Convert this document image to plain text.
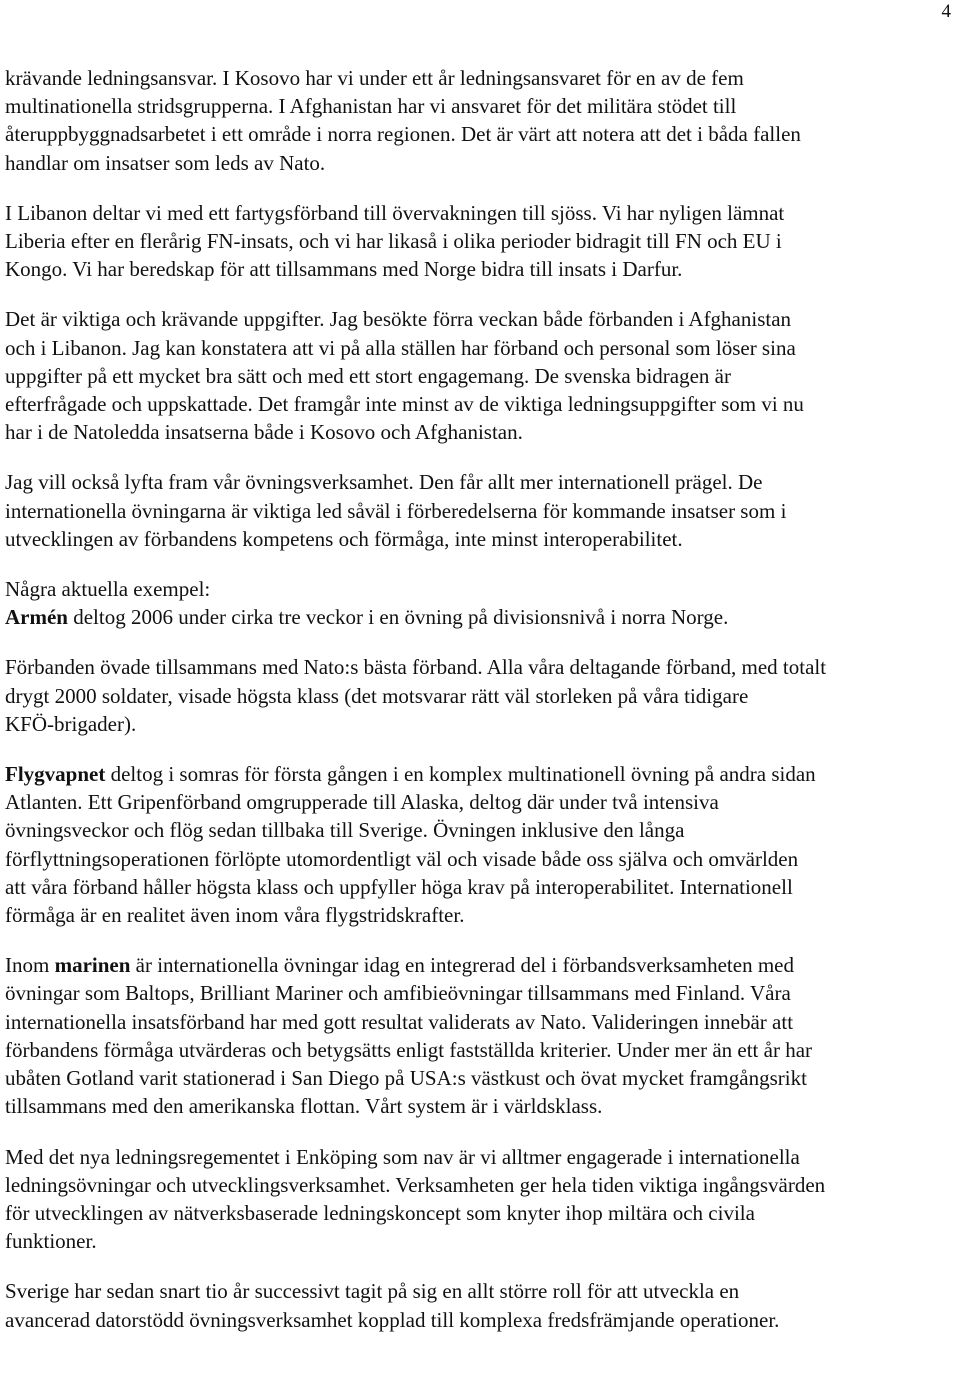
4

krävande ledningsansvar. I Kosovo har vi under ett år ledningsansvaret för en av de fem
multinationella stridsgrupperna. I Afghanistan har vi ansvaret för det militära stödet till
återuppbyggnadsarbetet i ett område i norra regionen. Det är värt att notera att det i båda fallen
handlar om insatser som leds av Nato.

I Libanon deltar vi med ett fartygsförband till övervakningen till sjöss. Vi har nyligen lämnat
Liberia efter en flerårig FN-insats, och vi har likaså i olika perioder bidragit till FN och EU i
Kongo. Vi har beredskap för att tillsammans med Norge bidra till insats i Darfur.

Det är viktiga och krävande uppgifter. Jag besökte förra veckan både förbanden i Afghanistan
och i Libanon. Jag kan konstatera att vi på alla ställen har förband och personal som löser sina
uppgifter på ett mycket bra sätt och med ett stort engagemang. De svenska bidragen är
efterfrågade och uppskattade. Det framgår inte minst av de viktiga ledningsuppgifter som vi nu
har i de Natoledda insatserna både i Kosovo och Afghanistan.

Jag vill också lyfta fram vår övningsverksamhet. Den får allt mer internationell prägel. De
internationella övningarna är viktiga led såväl i förberedelserna för kommande insatser som i
utvecklingen av förbandens kompetens och förmåga, inte minst interoperabilitet.

Några aktuella exempel:

Armén deltog 2006 under cirka tre veckor i en övning på divisionsnivå i norra Norge.

Förbanden övade tillsammans med Nato:s bästa förband. Alla våra deltagande förband, med totalt
drygt 2000 soldater, visade högsta klass (det motsvarar rätt väl storleken på våra tidigare
KFÖ-brigader).

Flygvapnet deltog i somras för första gången i en komplex multinationell övning på andra sidan
Atlanten. Ett Gripenförband omgrupperade till Alaska, deltog där under två intensiva
övningsveckor och flög sedan tillbaka till Sverige. Övningen inklusive den långa
förflyttningsoperationen förlöpte utomordentligt väl och visade både oss själva och omvärlden
att våra förband håller högsta klass och uppfyller höga krav på interoperabilitet. Internationell
förmåga är en realitet även inom våra flygstridskrafter.

Inom marinen är internationella övningar idag en integrerad del i förbandsverksamheten med
övningar som Baltops, Brilliant Mariner och amfibieövningar tillsammans med Finland. Våra
internationella insatsförband har med gott resultat validerats av Nato. Valideringen innebär att
förbandens förmåga utvärderas och betygsätts enligt fastställda kriterier. Under mer än ett år har
ubåten Gotland varit stationerad i San Diego på USA:s västkust och övat mycket framgångsrikt
tillsammans med den amerikanska flottan. Vårt system är i världsklass.

Med det nya ledningsregementet i Enköping som nav är vi alltmer engagerade i internationella
ledningsövningar och utvecklingsverksamhet. Verksamheten ger hela tiden viktiga ingångsvärden
för utvecklingen av nätverksbaserade ledningskoncept som knyter ihop miltära och civila
funktioner.

Sverige har sedan snart tio år successivt tagit på sig en allt större roll för att utveckla en
avancerad datorstödd övningsverksamhet kopplad till komplexa fredsfrämjande operationer.
